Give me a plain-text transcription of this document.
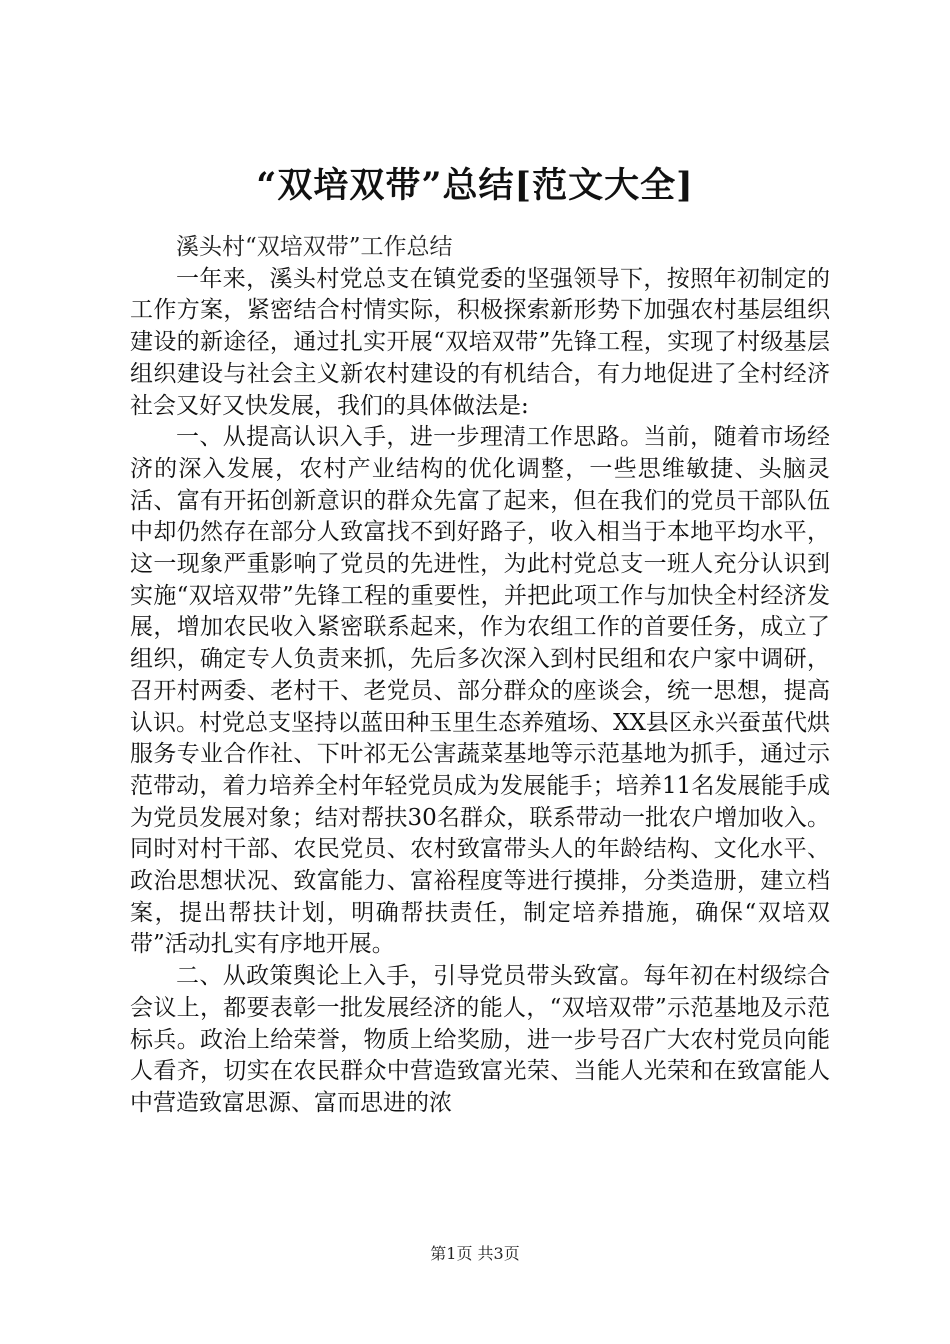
“双培双带”总结[范文大全]

溪头村“双培双带”工作总结

一年来，溪头村党总支在镇党委的坚强领导下，按照年初制定的工作方案，紧密结合村情实际，积极探索新形势下加强农村基层组织建设的新途径，通过扎实开展“双培双带”先锋工程，实现了村级基层组织建设与社会主义新农村建设的有机结合，有力地促进了全村经济社会又好又快发展，我们的具体做法是:

一、从提高认识入手，进一步理清工作思路。当前，随着市场经济的深入发展，农村产业结构的优化调整，一些思维敏捷、头脑灵活、富有开拓创新意识的群众先富了起来，但在我们的党员干部队伍中却仍然存在部分人致富找不到好路子，收入相当于本地平均水平，这一现象严重影响了党员的先进性，为此村党总支一班人充分认识到实施“双培双带”先锋工程的重要性，并把此项工作与加快全村经济发展，增加农民收入紧密联系起来，作为农组工作的首要任务，成立了组织，确定专人负责来抓，先后多次深入到村民组和农户家中调研，召开村两委、老村干、老党员、部分群众的座谈会，统一思想，提高认识。村党总支坚持以蓝田种玉里生态养殖场、XX县区永兴蚕茧代烘服务专业合作社、下叶祁无公害蔬菜基地等示范基地为抓手，通过示范带动，着力培养全村年轻党员成为发展能手；培养11名发展能手成为党员发展对象；结对帮扶30名群众，联系带动一批农户增加收入。同时对村干部、农民党员、农村致富带头人的年龄结构、文化水平、政治思想状况、致富能力、富裕程度等进行摸排，分类造册，建立档案，提出帮扶计划，明确帮扶责任，制定培养措施，确保“双培双带”活动扎实有序地开展。

二、从政策舆论上入手，引导党员带头致富。每年初在村级综合会议上，都要表彰一批发展经济的能人，“双培双带”示范基地及示范标兵。政治上给荣誉，物质上给奖励，进一步号召广大农村党员向能人看齐，切实在农民群众中营造致富光荣、当能人光荣和在致富能人中营造致富思源、富而思进的浓

第1页 共3页
